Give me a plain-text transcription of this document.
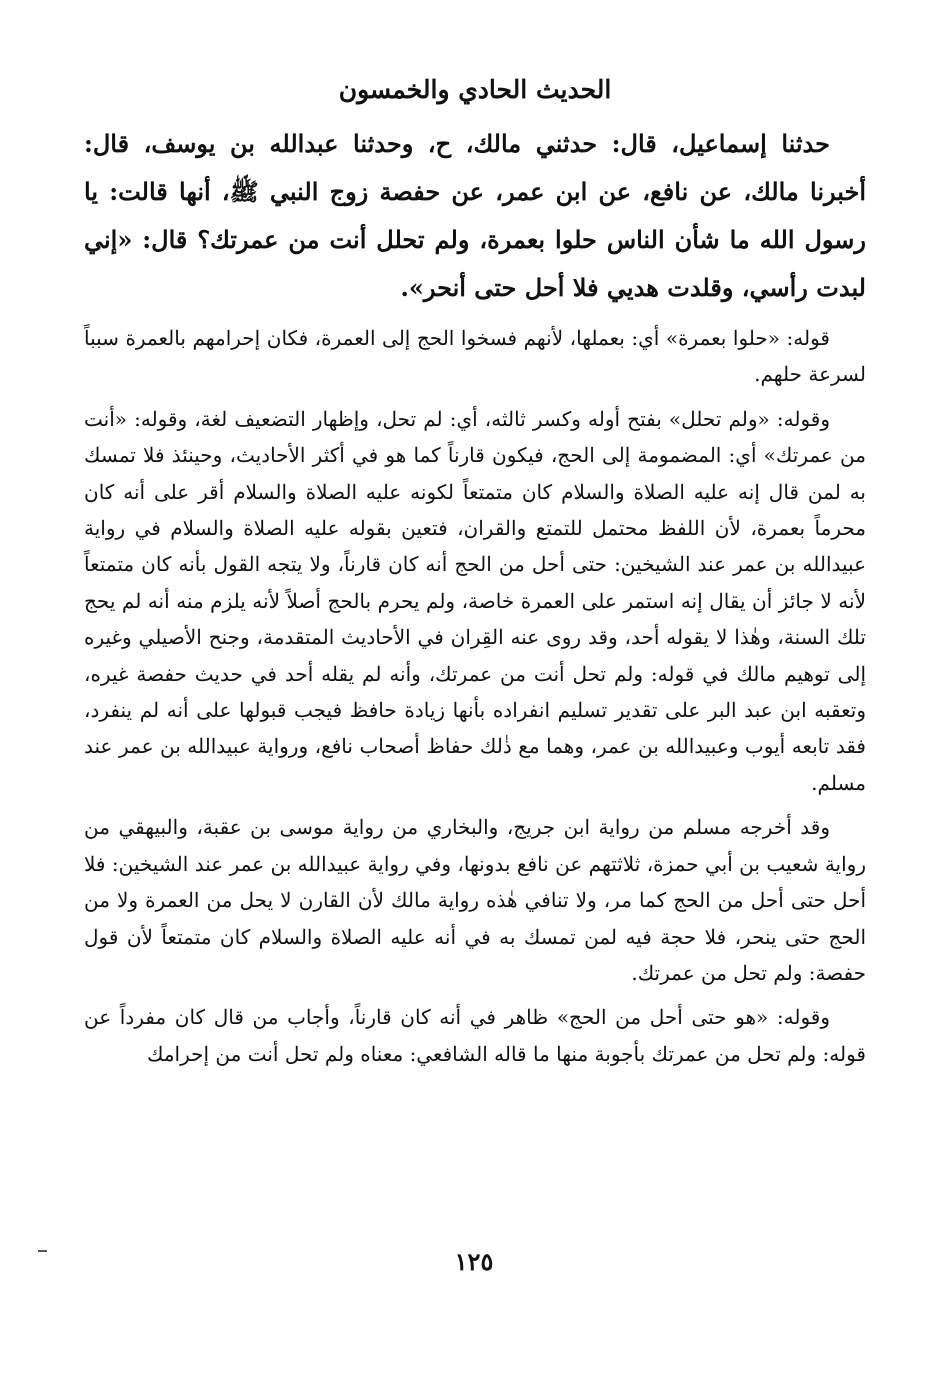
الحديث الحادي والخمسون

حدثنا إسماعيل، قال: حدثني مالك، ح، وحدثنا عبدالله بن يوسف، قال: أخبرنا مالك، عن نافع، عن ابن عمر، عن حفصة زوج النبي ﷺ، أنها قالت: يا رسول الله ما شأن الناس حلوا بعمرة، ولم تحلل أنت من عمرتك؟ قال: «إني لبدت رأسي، وقلدت هديي فلا أحل حتى أنحر».

قوله: «حلوا بعمرة» أي: بعملها، لأنهم فسخوا الحج إلى العمرة، فكان إحرامهم بالعمرة سبباً لسرعة حلهم.

وقوله: «ولم تحلل» بفتح أوله وكسر ثالثه، أي: لم تحل، وإظهار التضعيف لغة، وقوله: «أنت من عمرتك» أي: المضمومة إلى الحج، فيكون قارناً كما هو في أكثر الأحاديث، وحينئذ فلا تمسك به لمن قال إنه عليه الصلاة والسلام كان متمتعاً لكونه عليه الصلاة والسلام أقر على أنه كان محرماً بعمرة، لأن اللفظ محتمل للتمتع والقران، فتعين بقوله عليه الصلاة والسلام في رواية عبيدالله بن عمر عند الشيخين: حتى أحل من الحج أنه كان قارناً، ولا يتجه القول بأنه كان متمتعاً لأنه لا جائز أن يقال إنه استمر على العمرة خاصة، ولم يحرم بالحج أصلاً لأنه يلزم منه أنه لم يحج تلك السنة، وهٰذا لا يقوله أحد، وقد روى عنه القِران في الأحاديث المتقدمة، وجنح الأصيلي وغيره إلى توهيم مالك في قوله: ولم تحل أنت من عمرتك، وأنه لم يقله أحد في حديث حفصة غيره، وتعقبه ابن عبد البر على تقدير تسليم انفراده بأنها زيادة حافظ فيجب قبولها على أنه لم ينفرد، فقد تابعه أيوب وعبيدالله بن عمر، وهما مع ذٰلك حفاظ أصحاب نافع، ورواية عبيدالله بن عمر عند مسلم.

وقد أخرجه مسلم من رواية ابن جريج، والبخاري من رواية موسى بن عقبة، والبيهقي من رواية شعيب بن أبي حمزة، ثلاثتهم عن نافع بدونها، وفي رواية عبيدالله بن عمر عند الشيخين: فلا أحل حتى أحل من الحج كما مر، ولا تنافي هٰذه رواية مالك لأن القارن لا يحل من العمرة ولا من الحج حتى ينحر، فلا حجة فيه لمن تمسك به في أنه عليه الصلاة والسلام كان متمتعاً لأن قول حفصة: ولم تحل من عمرتك.

وقوله: «هو حتى أحل من الحج» ظاهر في أنه كان قارناً، وأجاب من قال كان مفرداً عن قوله: ولم تحل من عمرتك بأجوبة منها ما قاله الشافعي: معناه ولم تحل أنت من إحرامك

١٢٥
